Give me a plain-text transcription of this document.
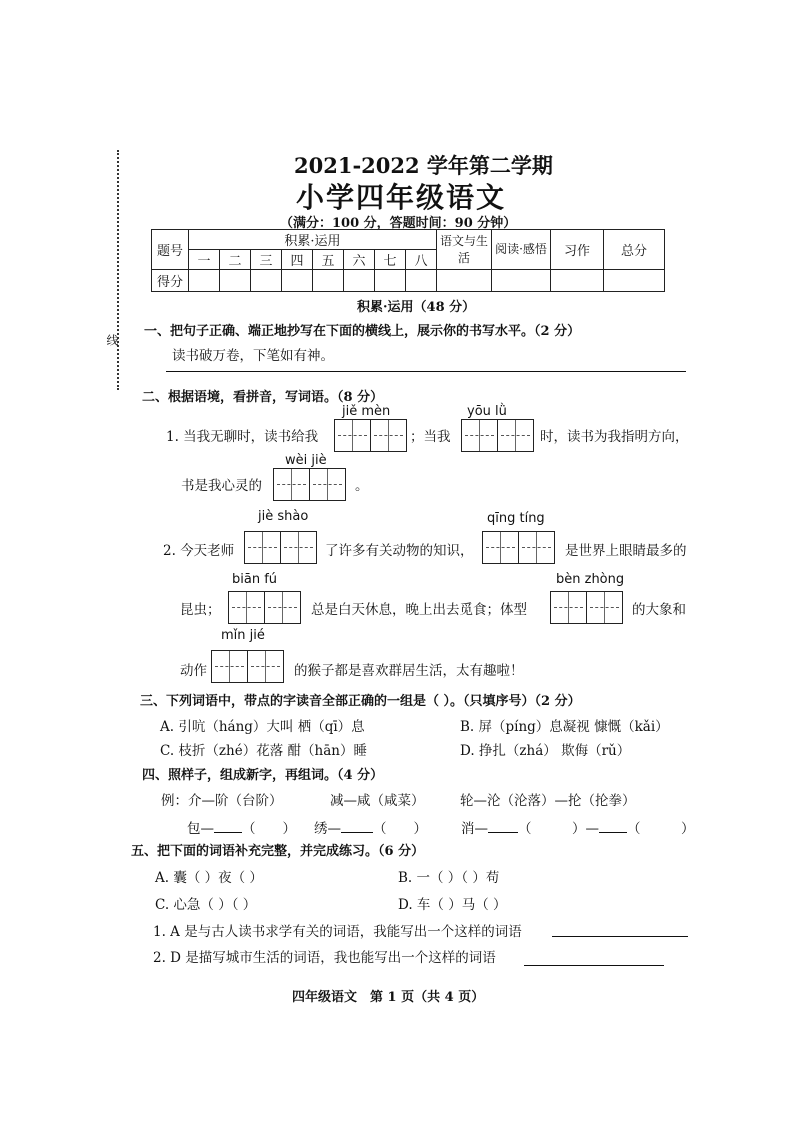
线
2021-2022 学年第二学期
小学四年级语文
（满分：100 分，答题时间：90 分钟）
题号	积累·运用								语文与生活	阅读·感悟	习作	总分
	一	二	三	四	五	六	七	八				
得分												
积累·运用（48 分）
一、把句子正确、端正地抄写在下面的横线上，展示你的书写水平。（2 分）
读书破万卷，下笔如有神。
二、根据语境，看拼音，写词语。（8 分）
jiě mèn	yōu lǜ
1. 当我无聊时，读书给我	；当我	时，读书为我指明方向，
wèi jiè
书是我心灵的	。
jiè shào	qīng tíng
2. 今天老师	了许多有关动物的知识，	是世界上眼睛最多的
biān fú	bèn zhòng
昆虫；	总是白天休息，晚上出去觅食；体型	的大象和
mǐn jié
动作	的猴子都是喜欢群居生活，太有趣啦！
三、下列词语中，带点的字读音全部正确的一组是（ ）。（只填序号）（2 分）
A. 引吭（háng）大叫 栖（qī）息	B. 屏（píng）息凝视 慷慨（kǎi）
C. 枝折（zhé）花落 酣（hān）睡	D. 挣扎（zhá） 欺侮（rǔ）
四、照样子，组成新字，再组词。（4 分）
例：介—阶（台阶）	减—咸（咸菜）	轮—沦（沦落）—抡（抡拳）
包— （　　） 绣— （　　）	消— （　　　）— （　　　）
五、把下面的词语补充完整，并完成练习。（6 分）
A. 囊（ ）夜（ ）	B. 一（ ）（ ）苟
C. 心急（ ）（ ）	D. 车（ ）马（ ）
1. A 是与古人读书求学有关的词语，我能写出一个这样的词语
2. D 是描写城市生活的词语，我也能写出一个这样的词语
四年级语文　第 1 页（共 4 页）
